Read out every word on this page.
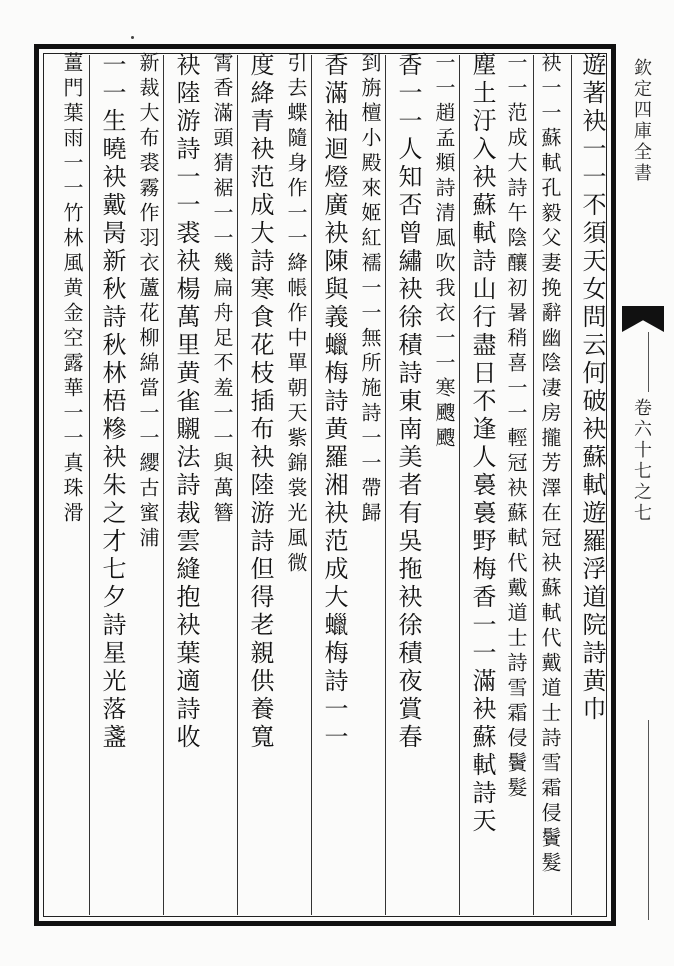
遊著袂一一不須天女問云何破袂蘇軾遊羅浮道院詩黄巾
袂一一蘇軾孔毅父妻挽辭幽陰凄房攏芳澤在冠袂蘇軾代戴道士詩雪霜侵鬢髮
一一范成大詩午陰釀初暑稍喜一一輕冠袂蘇軾代戴道士詩雪霜侵鬢髮
塵土汙入袂蘇軾詩山行盡日不逢人裛裛野梅香一一滿袂蘇軾詩天
一一趙孟頫詩清風吹我衣一一寒颼颼
香一一人知否曾繡袂徐積詩東南美者有吳拖袂徐積夜賞春
到旃檀小殿來姬紅襦一一無所施詩一一帶歸
香滿袖迴燈廣袂陳與義蠟梅詩黄羅湘袂范成大蠟梅詩一一
引去蝶隨身作一一絳帳作中單朝天紫錦裳光風微
度絳青袂范成大詩寒食花枝插布袂陸游詩但得老親供養寬
霄香滿頭猜裾一一幾扁舟足不羞一一與萬簪
袂陸游詩一一裘袂楊萬里黄雀䞋法詩裁雲縫抱袂葉適詩收
新裁大布裘霧作羽衣蘆花柳綿當一一纓古蜜浦
一一生曉袂戴昺新秋詩秋林梧糝袂朱之才七夕詩星光落盞
薑門葉雨一一竹林風黄金空露華一一真珠滑	欽定四庫全書
卷六十七之七
